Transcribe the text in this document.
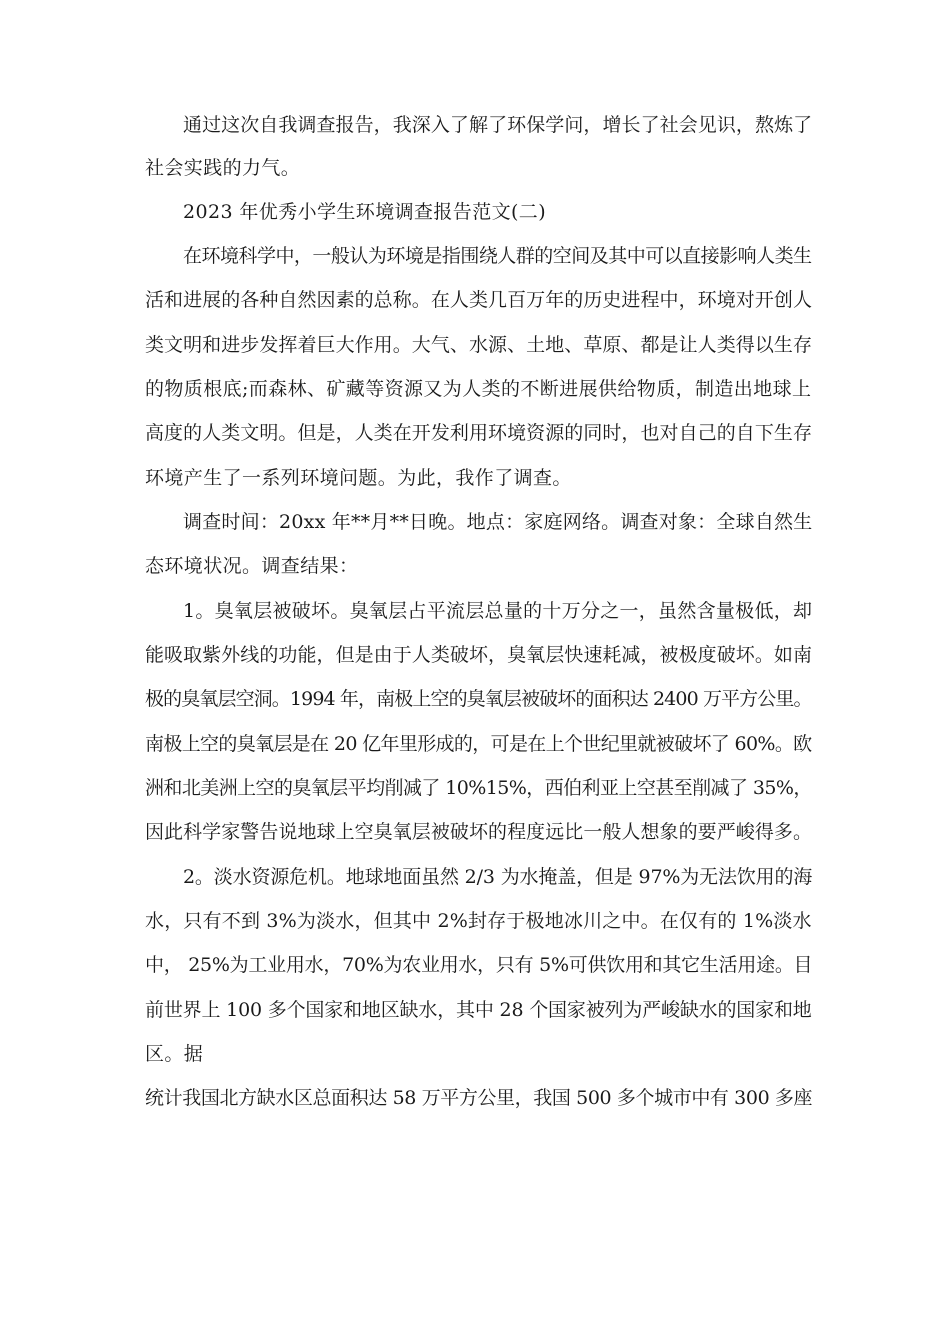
通过这次自我调查报告，我深入了解了环保学问，增长了社会见识，熬炼了

社会实践的力气。

2023 年优秀小学生环境调查报告范文(二)

在环境科学中，一般认为环境是指围绕人群的空间及其中可以直接影响人类生

活和进展的各种自然因素的总称。在人类几百万年的历史进程中，环境对开创人

类文明和进步发挥着巨大作用。大气、水源、土地、草原、都是让人类得以生存

的物质根底;而森林、矿藏等资源又为人类的不断进展供给物质，制造出地球上

高度的人类文明。但是，人类在开发利用环境资源的同时，也对自己的自下生存

环境产生了一系列环境问题。为此，我作了调查。

调查时间：20xx 年**月**日晚。地点：家庭网络。调查对象：全球自然生

态环境状况。调查结果：

1。臭氧层被破坏。臭氧层占平流层总量的十万分之一，虽然含量极低，却

能吸取紫外线的功能，但是由于人类破坏，臭氧层快速耗减，被极度破坏。如南

极的臭氧层空洞。1994 年，南极上空的臭氧层被破坏的面积达 2400 万平方公里。

南极上空的臭氧层是在 20 亿年里形成的，可是在上个世纪里就被破坏了 60%。欧

洲和北美洲上空的臭氧层平均削减了 10%15%，西伯利亚上空甚至削减了 35%，

因此科学家警告说地球上空臭氧层被破坏的程度远比一般人想象的要严峻得多。

2。淡水资源危机。地球地面虽然 2/3 为水掩盖，但是 97%为无法饮用的海

水，只有不到 3%为淡水，但其中 2%封存于极地冰川之中。在仅有的 1%淡水

中， 25%为工业用水，70%为农业用水，只有 5%可供饮用和其它生活用途。目

前世界上 100 多个国家和地区缺水，其中 28 个国家被列为严峻缺水的国家和地

区。据

统计我国北方缺水区总面积达 58 万平方公里，我国 500 多个城市中有 300 多座
